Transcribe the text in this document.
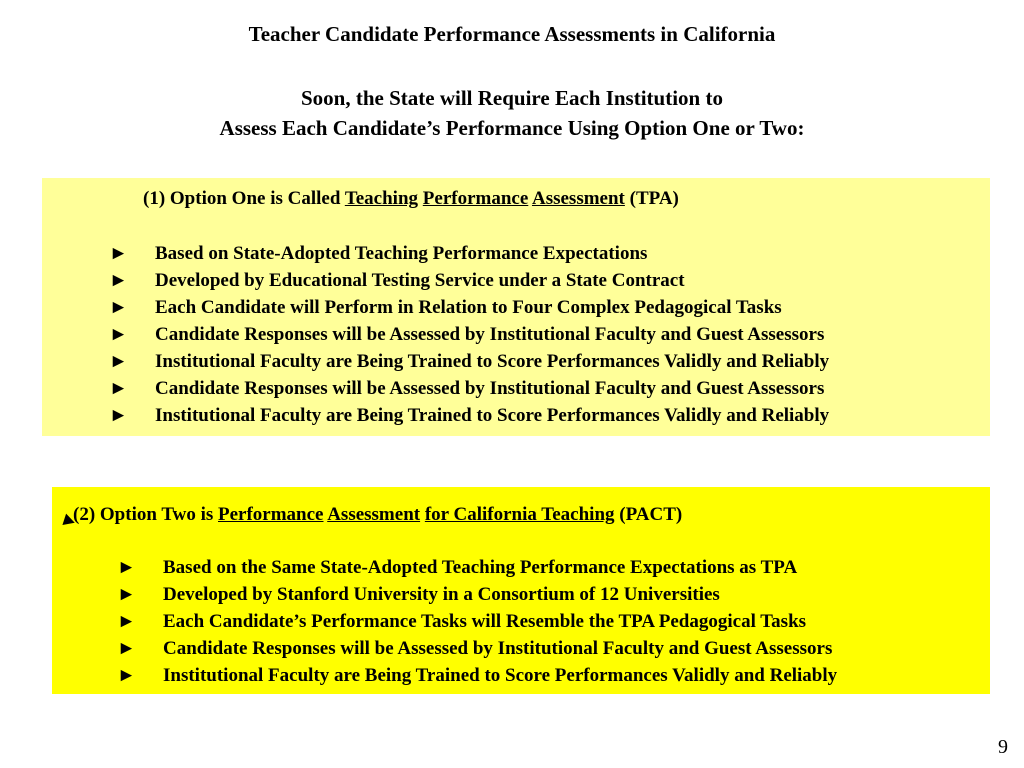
Teacher Candidate Performance Assessments in California
Soon, the State will Require Each Institution to
Assess Each Candidate’s Performance Using Option One or Two:
(1) Option One is Called Teaching Performance Assessment (TPA)
► Based on State-Adopted Teaching Performance Expectations
► Developed by Educational Testing Service under a State Contract
► Each Candidate will Perform in Relation to Four Complex Pedagogical Tasks
► Candidate Responses will be Assessed by Institutional Faculty and Guest Assessors
► Institutional Faculty are Being Trained to Score Performances Validly and Reliably
► Candidate Responses will be Assessed by Institutional Faculty and Guest Assessors
► Institutional Faculty are Being Trained to Score Performances Validly and Reliably
(2) Option Two is Performance Assessment for California Teaching (PACT)
► Based on the Same State-Adopted Teaching Performance Expectations as TPA
► Developed by Stanford University in a Consortium of 12 Universities
► Each Candidate’s Performance Tasks will Resemble the TPA Pedagogical Tasks
► Candidate Responses will be Assessed by Institutional Faculty and Guest Assessors
► Institutional Faculty are Being Trained to Score Performances Validly and Reliably
9
